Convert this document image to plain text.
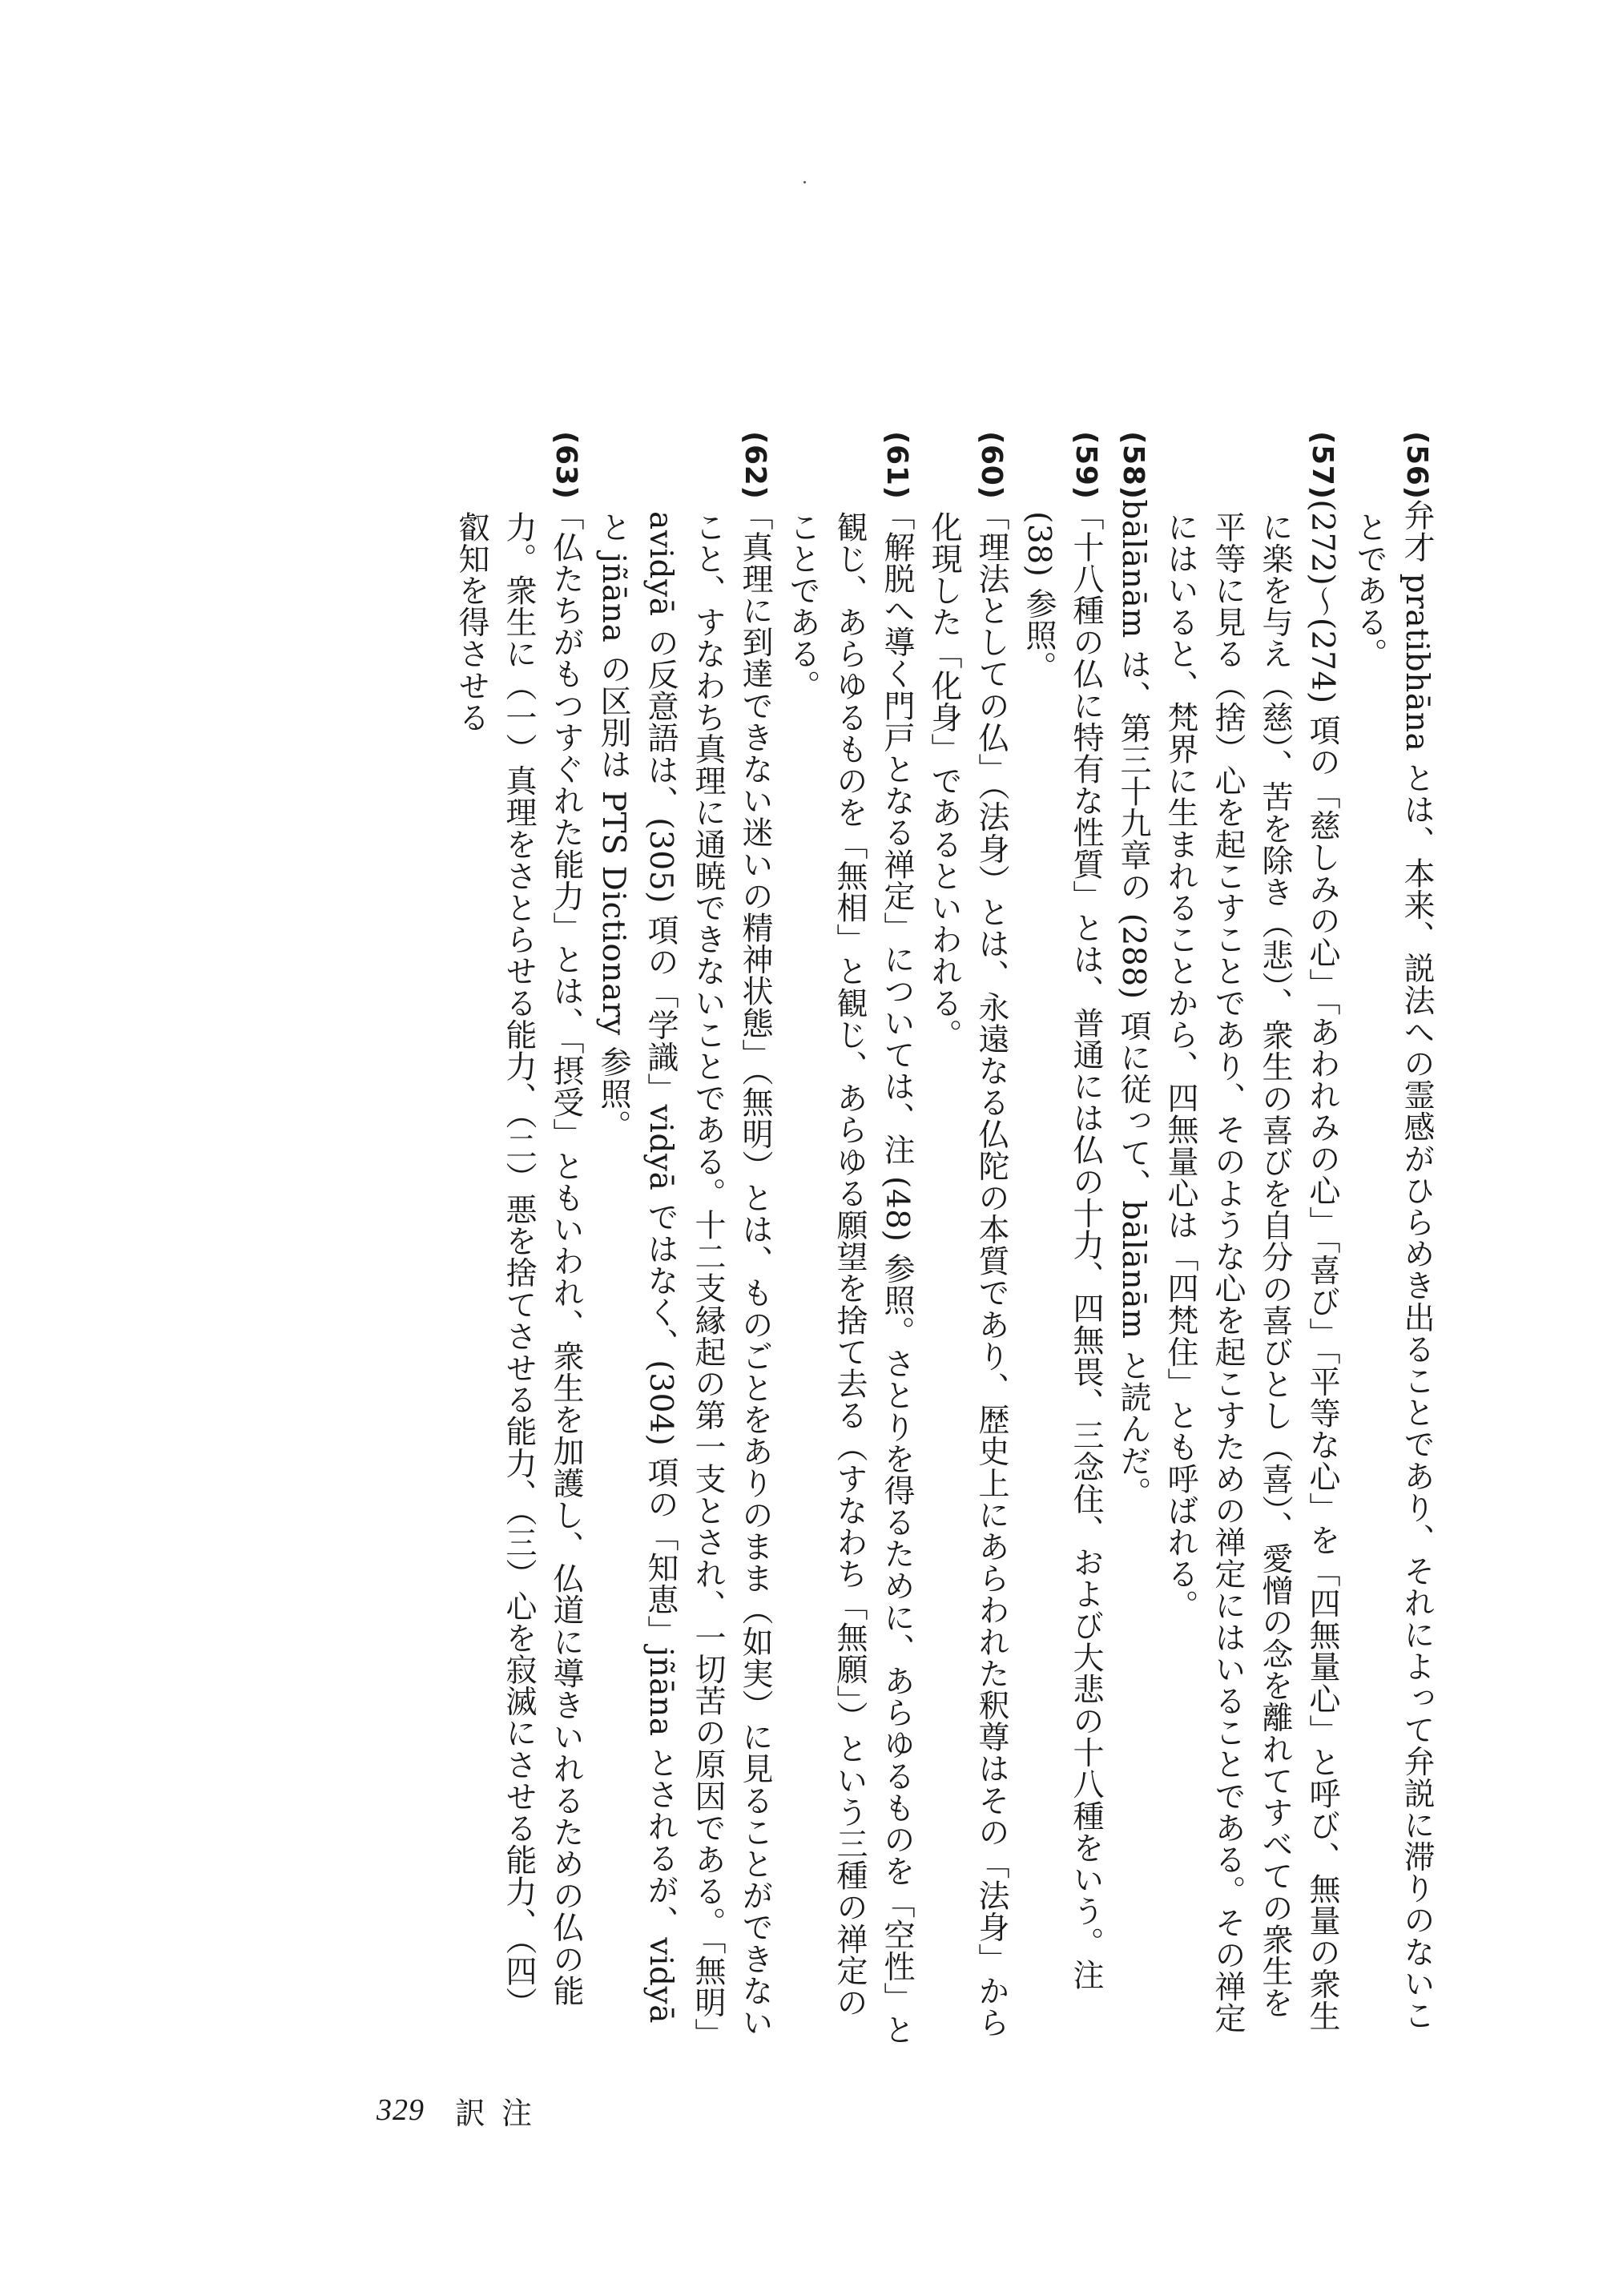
(56)弁才 pratibhāna とは、本来、説法への霊感がひらめき出ることであり、それによって弁説に滞りのないことである。

(57)(272)〜(274) 項の「慈しみの心」「あわれみの心」「喜び」「平等な心」を「四無量心」と呼び、無量の衆生に楽を与え（慈）、苦を除き（悲）、衆生の喜びを自分の喜びとし（喜）、愛憎の念を離れてすべての衆生を平等に見る（捨）心を起こすことであり、そのような心を起こすための禅定にはいることである。その禅定にはいると、梵界に生まれることから、四無量心は「四梵住」とも呼ばれる。

(58)bālānām は、第三十九章の (288) 項に従って、bālānām と読んだ。

(59)「十八種の仏に特有な性質」とは、普通には仏の十力、四無畏、三念住、および大悲の十八種をいう。注 (38) 参照。

(60)「理法としての仏」（法身）とは、永遠なる仏陀の本質であり、歴史上にあらわれた釈尊はその「法身」から化現した「化身」であるといわれる。

(61)「解脱へ導く門戸となる禅定」については、注 (48) 参照。さとりを得るために、あらゆるものを「空性」と観じ、あらゆるものを「無相」と観じ、あらゆる願望を捨て去る（すなわち「無願」）という三種の禅定のことである。

(62)「真理に到達できない迷いの精神状態」（無明）とは、ものごとをありのまま（如実）に見ることができないこと、すなわち真理に通暁できないことである。十二支縁起の第一支とされ、一切苦の原因である。「無明」avidyā の反意語は、(305) 項の「学識」vidyā ではなく、(304) 項の「知恵」jñāna とされるが、vidyā と jñāna の区別は PTS Dictionary 参照。

(63)「仏たちがもつすぐれた能力」とは、「摂受」ともいわれ、衆生を加護し、仏道に導きいれるための仏の能力。衆生に（一）真理をさとらせる能力、（二）悪を捨てさせる能力、（三）心を寂滅にさせる能力、（四）叡知を得させる

329 訳注
